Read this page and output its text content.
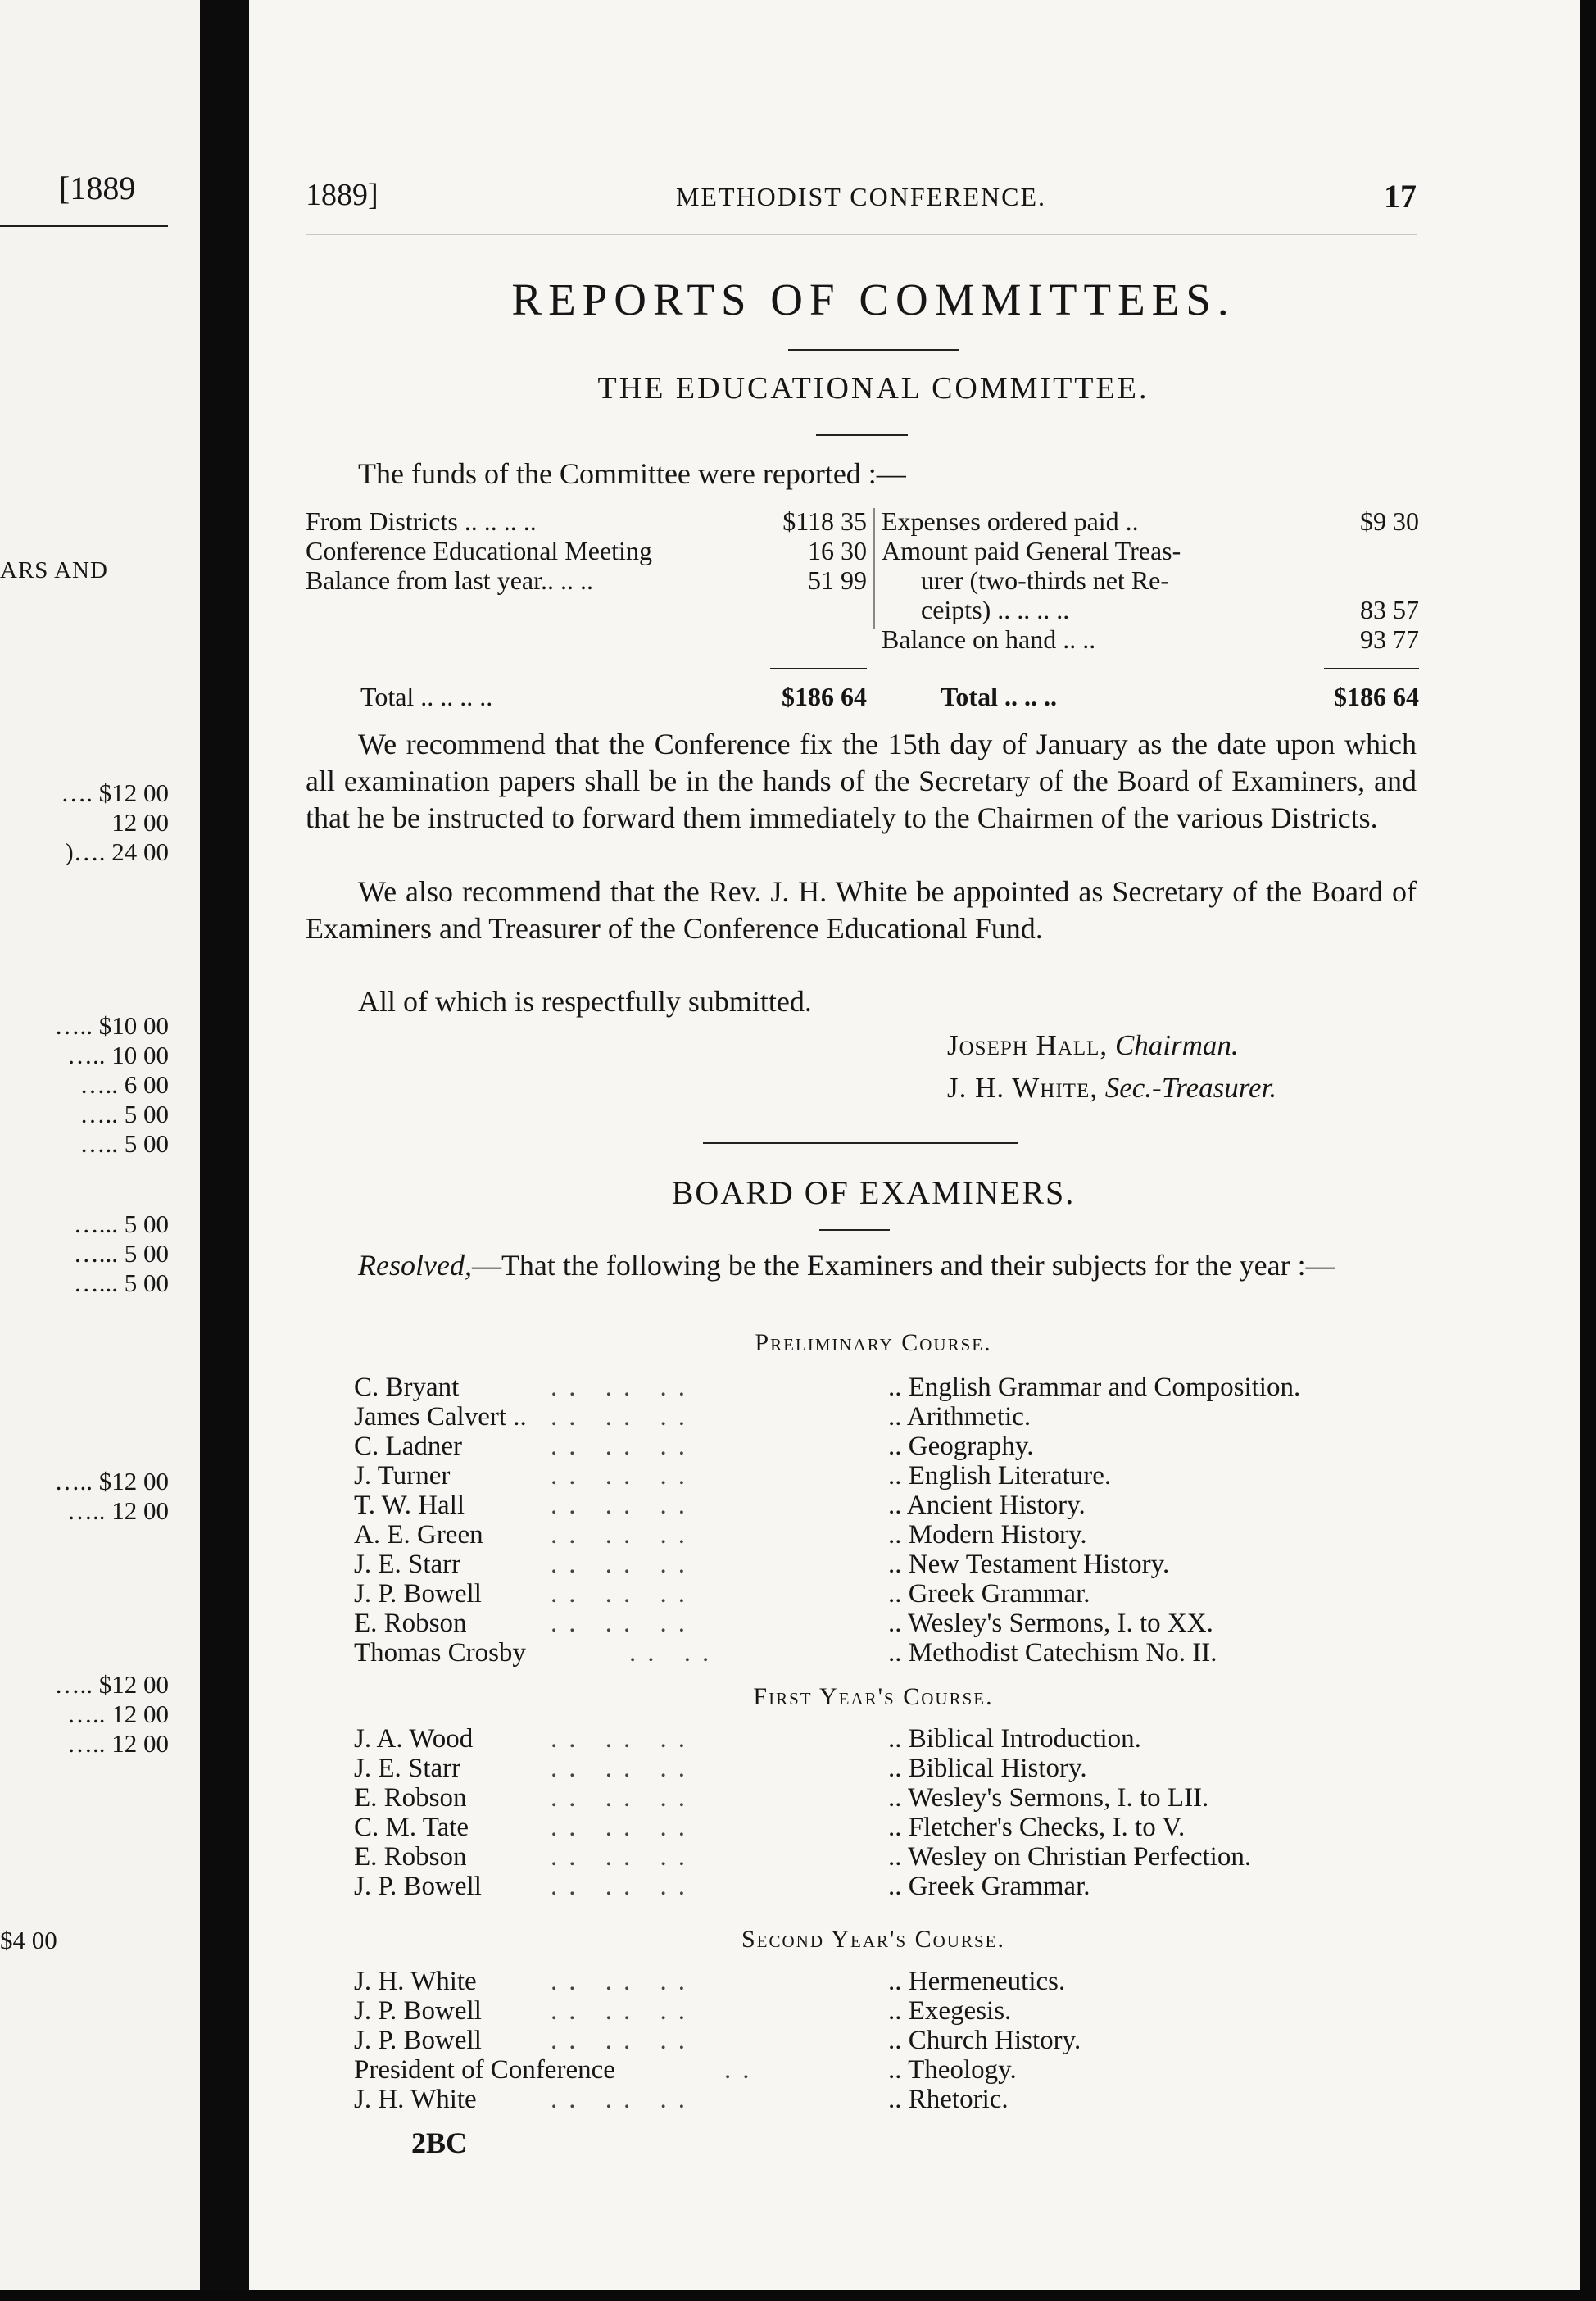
[1889
ARS AND
…. $12 00
12 00
)…. 24 00
….. $10 00
….. 10 00
….. 6 00
….. 5 00
….. 5 00
…... 5 00
…... 5 00
…... 5 00
….. $12 00
….. 12 00
….. $12 00
….. 12 00
….. 12 00
$4 00
1889]	METHODIST CONFERENCE.	17
REPORTS OF COMMITTEES.
THE EDUCATIONAL COMMITTEE.
The funds of the Committee were reported :—
From Districts .. .. .. ..	$118 35
Conference Educational Meeting	16 30
Balance from last year.. .. ..	51 99
Expenses ordered paid ..	$9 30
Amount paid General Treas-
urer (two-thirds net Re-
ceipts) .. .. .. ..	83 57
Balance on hand .. ..	93 77
Total .. .. .. ..	$186 64	Total .. .. ..	$186 64
We recommend that the Conference fix the 15th day of January as the date upon which all examination papers shall be in the hands of the Secretary of the Board of Examiners, and that he be instructed to forward them immediately to the Chairmen of the various Districts.
We also recommend that the Rev. J. H. White be appointed as Secretary of the Board of Examiners and Treasurer of the Conference Educational Fund.
All of which is respectfully submitted.
Joseph Hall, Chairman.
J. H. White, Sec.-Treasurer.
BOARD OF EXAMINERS.
Resolved,—That the following be the Examiners and their subjects for the year :—
Preliminary Course.
C. Bryant	.. .. ..	.. English Grammar and Composition.
James Calvert .. .. .. ..	.. Arithmetic.
C. Ladner	.. .. ..	.. Geography.
J. Turner	.. .. ..	.. English Literature.
T. W. Hall	.. .. ..	.. Ancient History.
A. E. Green .. .. ..	.. Modern History.
J. E. Starr	.. .. ..	.. New Testament History.
J. P. Bowell	.. .. ..	.. Greek Grammar.
E. Robson	.. .. ..	.. Wesley's Sermons, I. to XX.
Thomas Crosby	.. ..	.. Methodist Catechism No. II.
First Year's Course.
J. A. Wood	.. .. ..	.. Biblical Introduction.
J. E. Starr	.. .. ..	.. Biblical History.
E. Robson	.. .. ..	.. Wesley's Sermons, I. to LII.
C. M. Tate	.. .. ..	.. Fletcher's Checks, I. to V.
E. Robson	.. .. ..	.. Wesley on Christian Perfection.
J. P. Bowell	.. .. ..	.. Greek Grammar.
Second Year's Course.
J. H. White	.. .. ..	.. Hermeneutics.
J. P. Bowell	.. .. ..	.. Exegesis.
J. P. Bowell	.. .. ..	.. Church History.
President of Conference	..	.. Theology.
J. H. White	.. .. ..	.. Rhetoric.
2BC
